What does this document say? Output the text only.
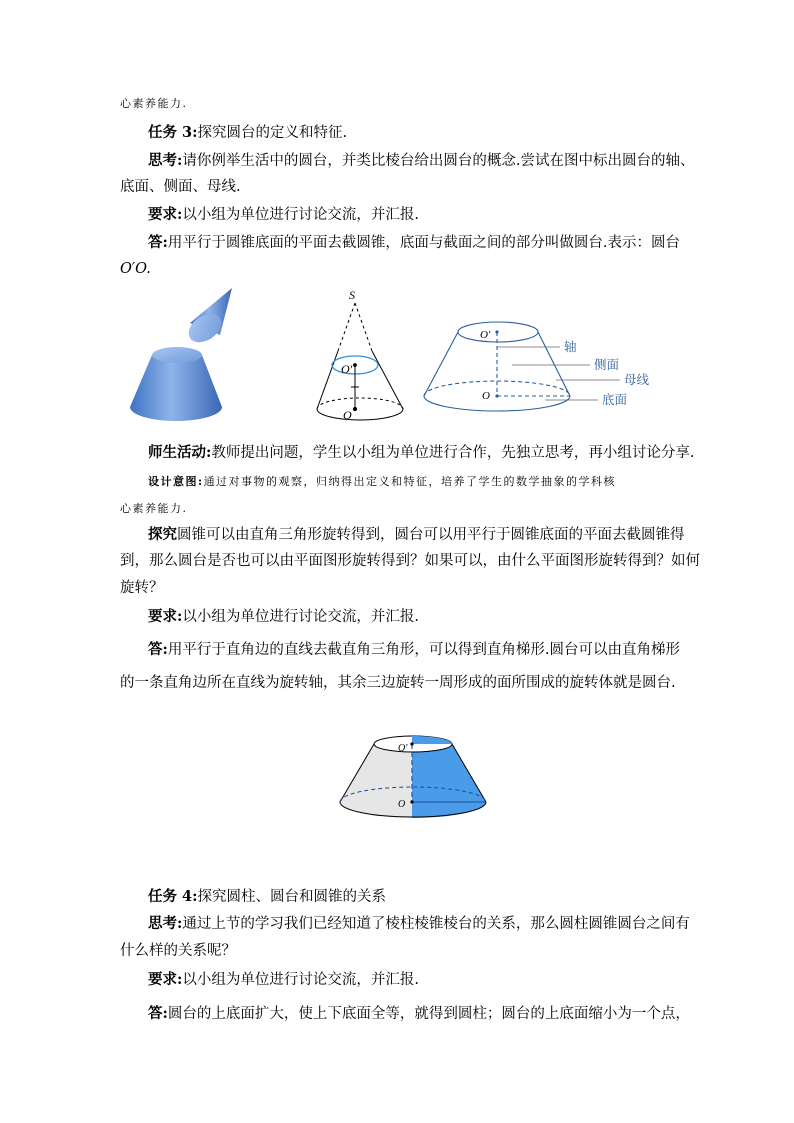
心素养能力.
任务 3:探究圆台的定义和特征.
思考:请你例举生活中的圆台，并类比棱台给出圆台的概念.尝试在图中标出圆台的轴、
底面、侧面、母线.
要求:以小组为单位进行讨论交流，并汇报.
答:用平行于圆锥底面的平面去截圆锥，底面与截面之间的部分叫做圆台.表示：圆台
O′O.
S
O′
O
O′
O
轴
侧面
母线
底面
师生活动:教师提出问题，学生以小组为单位进行合作，先独立思考，再小组讨论分享.
设计意图:通过对事物的观察，归纳得出定义和特征，培养了学生的数学抽象的学科核
心素养能力.
探究圆锥可以由直角三角形旋转得到，圆台可以用平行于圆锥底面的平面去截圆锥得
到，那么圆台是否也可以由平面图形旋转得到？如果可以，由什么平面图形旋转得到？如何
旋转？
要求:以小组为单位进行讨论交流，并汇报.
答:用平行于直角边的直线去截直角三角形，可以得到直角梯形.圆台可以由直角梯形
的一条直角边所在直线为旋转轴，其余三边旋转一周形成的面所围成的旋转体就是圆台.
O′
O
任务 4:探究圆柱、圆台和圆锥的关系
思考:通过上节的学习我们已经知道了棱柱棱锥棱台的关系，那么圆柱圆锥圆台之间有
什么样的关系呢？
要求:以小组为单位进行讨论交流，并汇报.
答:圆台的上底面扩大，使上下底面全等，就得到圆柱；圆台的上底面缩小为一个点，
